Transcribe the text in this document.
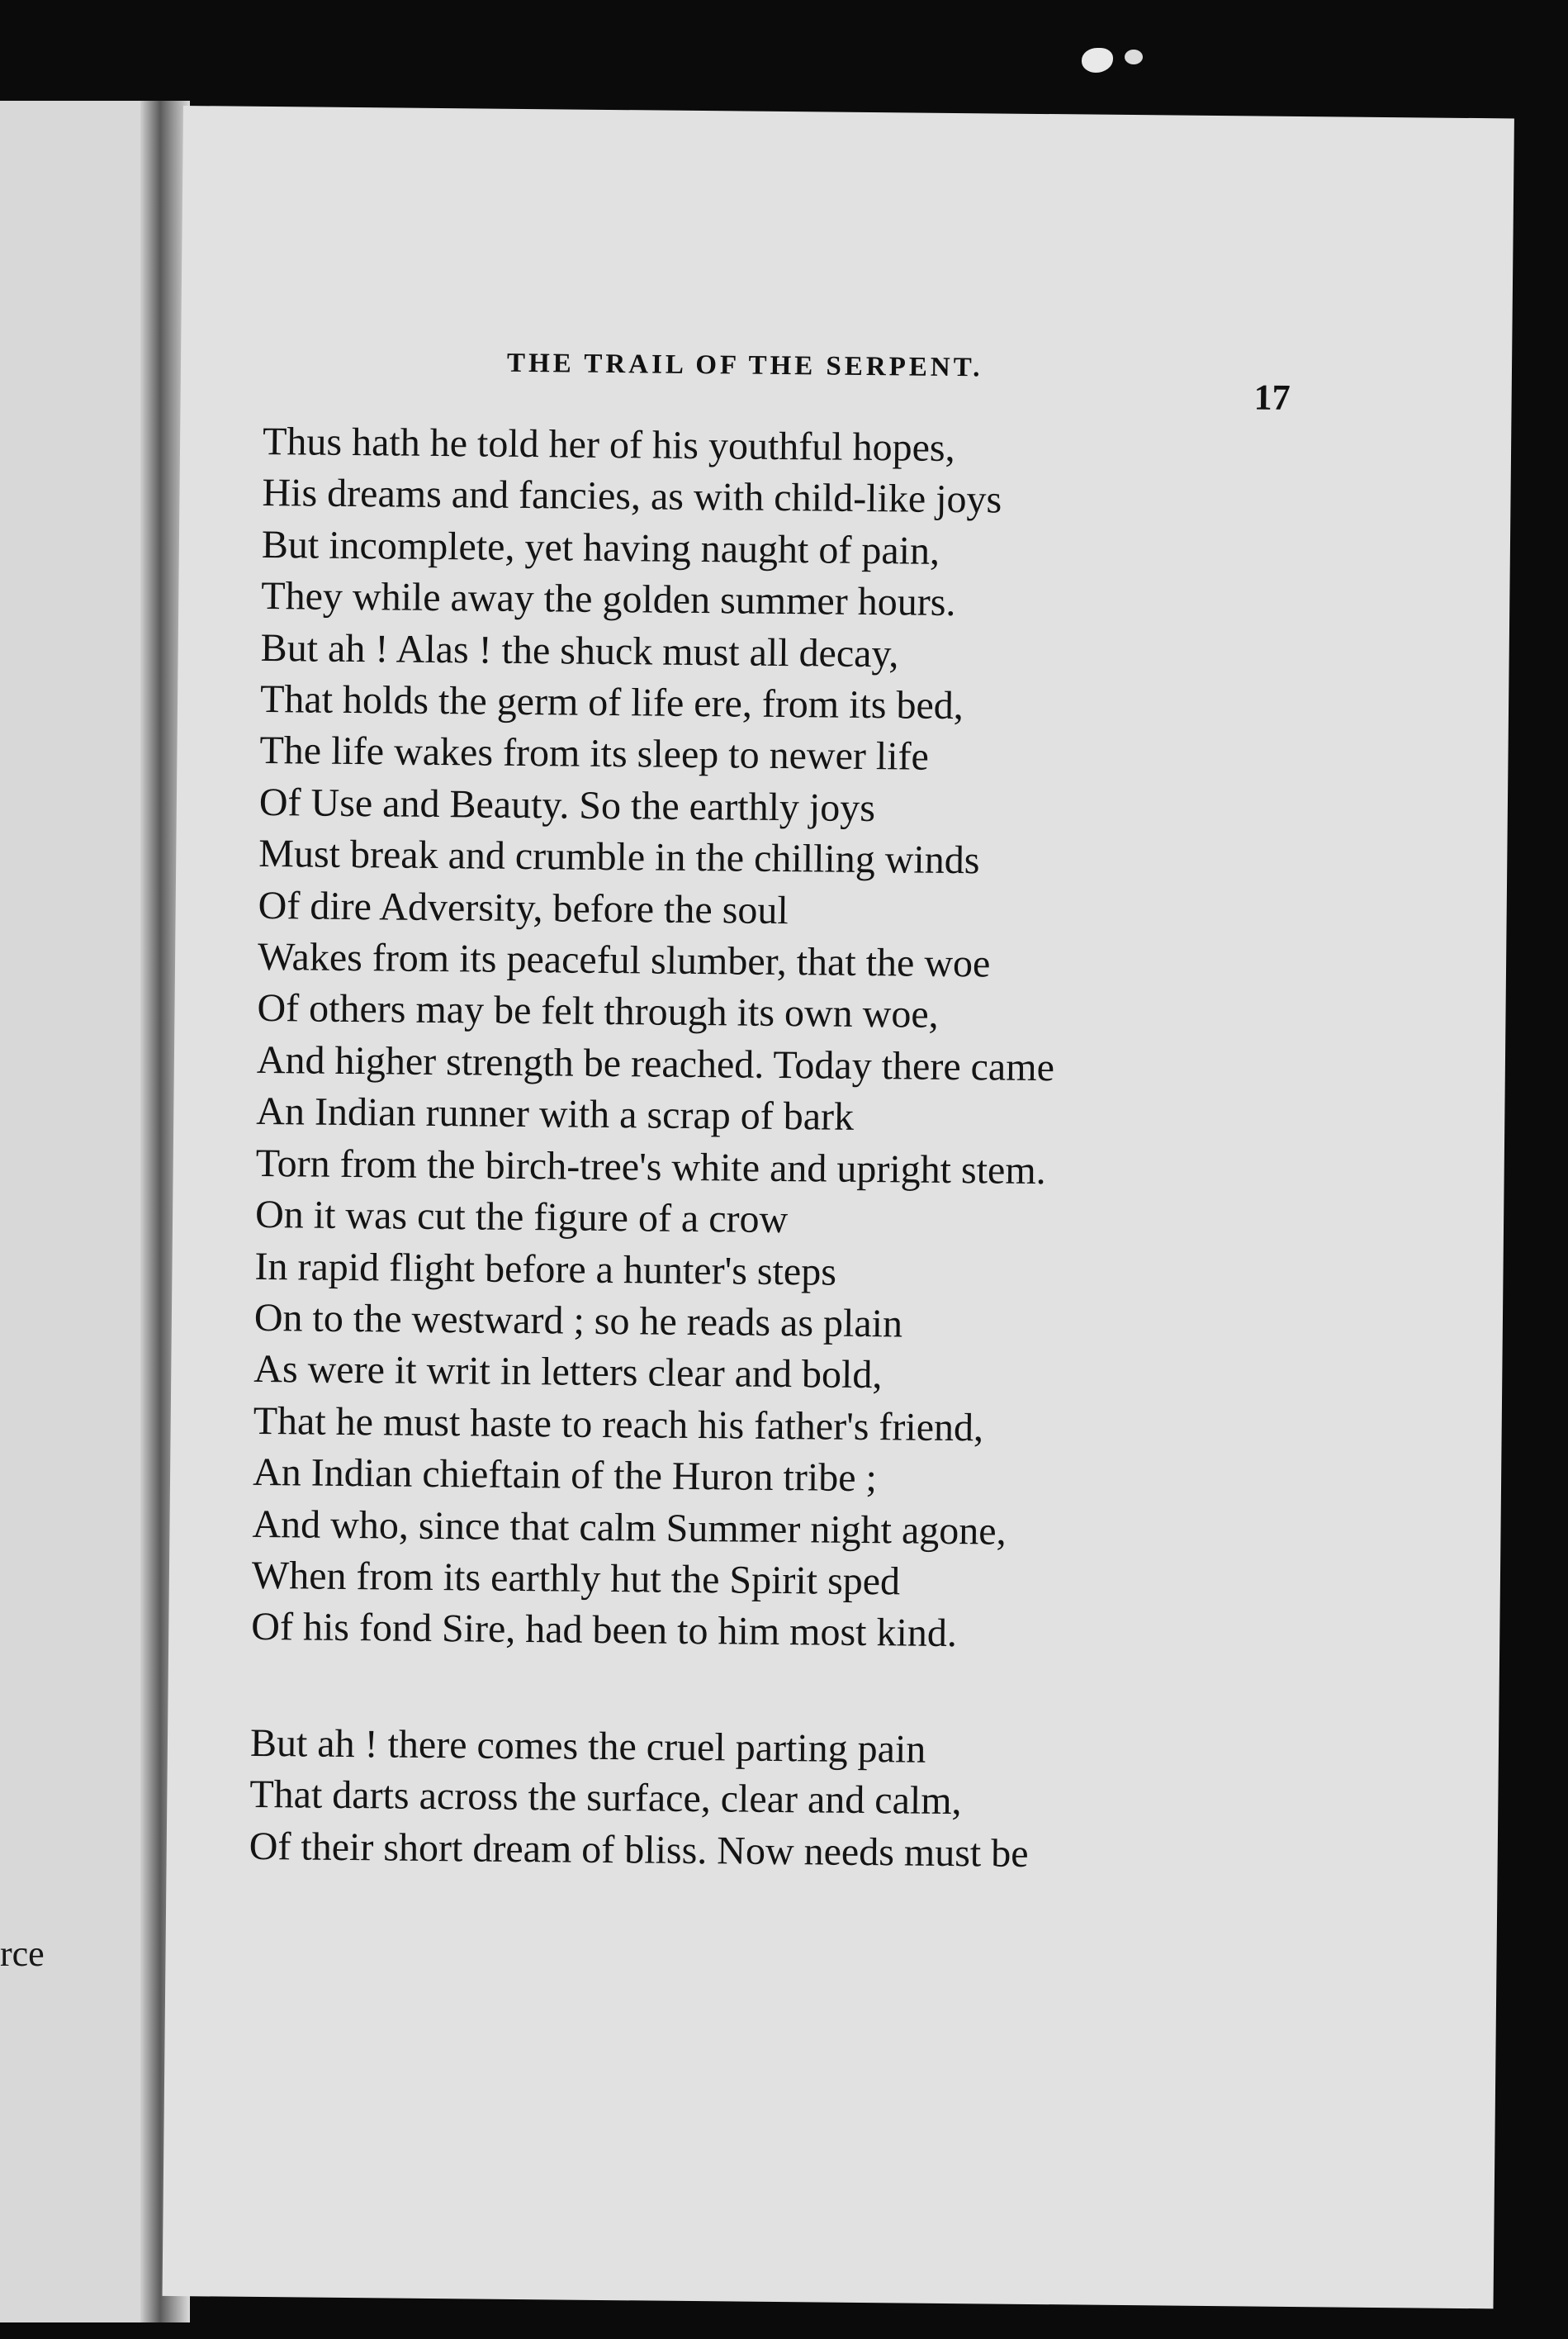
rce
THE TRAIL OF THE SERPENT.
17
Thus hath he told her of his youthful hopes,
His dreams and fancies, as with child-like joys
But incomplete, yet having naught of pain,
They while away the golden summer hours.
But ah ! Alas ! the shuck must all decay,
That holds the germ of life ere, from its bed,
The life wakes from its sleep to newer life
Of Use and Beauty. So the earthly joys
Must break and crumble in the chilling winds
Of dire Adversity, before the soul
Wakes from its peaceful slumber, that the woe
Of others may be felt through its own woe,
And higher strength be reached. Today there came
An Indian runner with a scrap of bark
Torn from the birch-tree's white and upright stem.
On it was cut the figure of a crow
In rapid flight before a hunter's steps
On to the westward ; so he reads as plain
As were it writ in letters clear and bold,
That he must haste to reach his father's friend,
An Indian chieftain of the Huron tribe ;
And who, since that calm Summer night agone,
When from its earthly hut the Spirit sped
Of his fond Sire, had been to him most kind.
But ah ! there comes the cruel parting pain
That darts across the surface, clear and calm,
Of their short dream of bliss. Now needs must be
